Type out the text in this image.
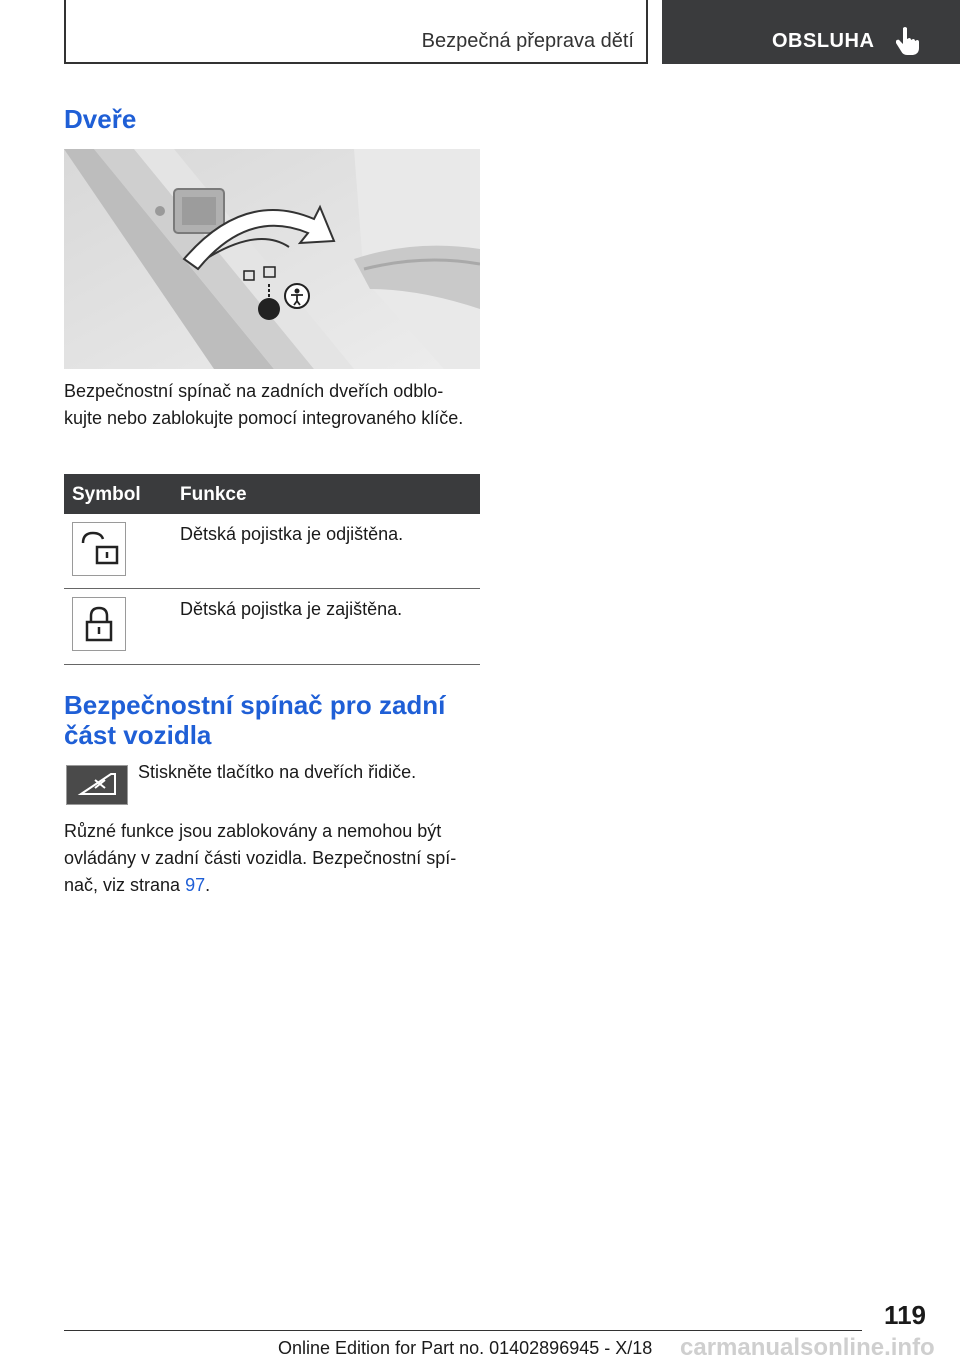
Bezpečná přeprava dětí	OBSLUHA
Dveře

Bezpečnostní spínač na zadních dveřích odblo-kujte nebo zablokujte pomocí integrovaného klíče.

Symbol Funkce
Dětská pojistka je odjištěna.
Dětská pojistka je zajištěna.
Bezpečnostní spínač pro zadní část vozidla
Stiskněte tlačítko na dveřích řidiče.

Různé funkce jsou zablokovány a nemohou být ovládány v zadní části vozidla. Bezpečnostní spí-nač, viz strana 97.

119
Online Edition for Part no. 01402896945 - X/18 carmanualsonline.info
